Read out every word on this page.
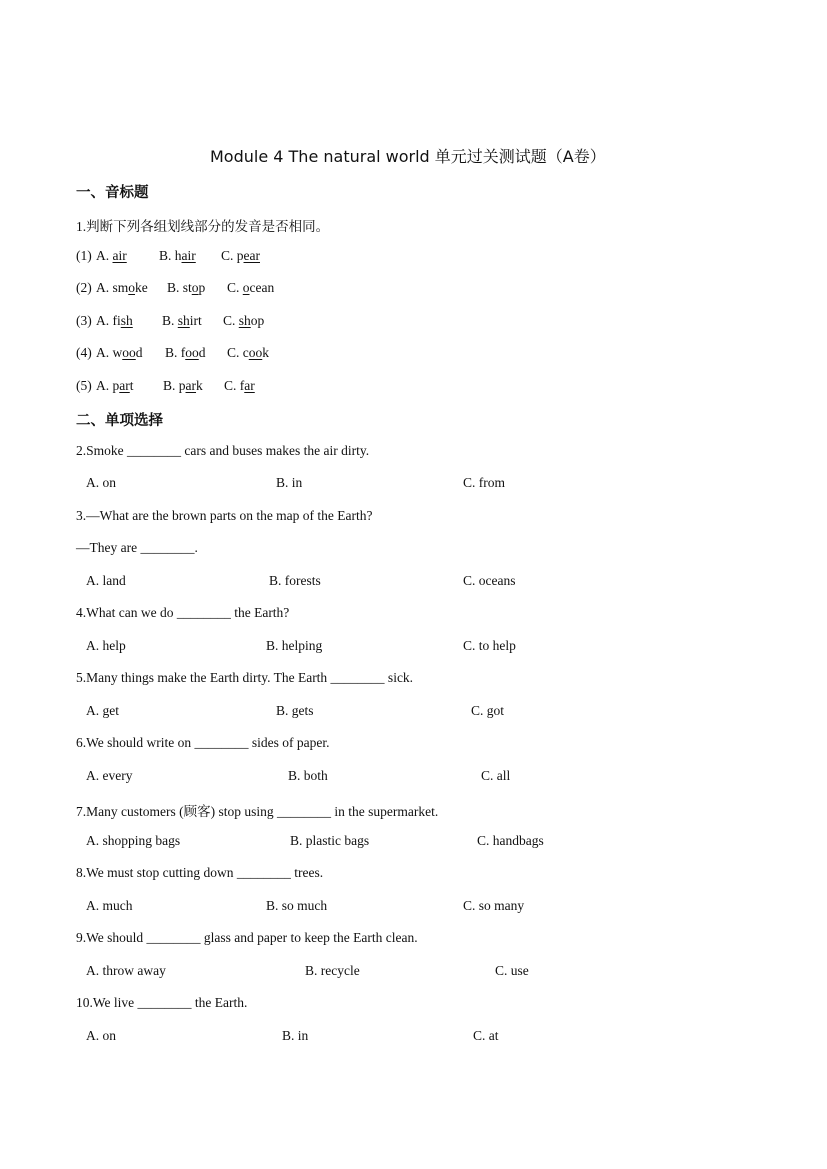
Module 4 The natural world 单元过关测试题（A卷）
一、音标题
1.判断下列各组划线部分的发音是否相同。
(1) A. air B. hair C. pear
(2) A. smoke B. stop C. ocean
(3) A. fish B. shirt C. shop
(4) A. wood B. food C. cook
(5) A. part B. park C. far
二、单项选择
2.Smoke ________ cars and buses makes the air dirty.
A. on	B. in	C. from
3.—What are the brown parts on the map of the Earth?
—They are ________.
A. land	B. forests	C. oceans
4.What can we do ________ the Earth?
A. help	B. helping	C. to help
5.Many things make the Earth dirty. The Earth ________ sick.
A. get	B. gets	C. got
6.We should write on ________ sides of paper.
A. every	B. both	C. all
7.Many customers (顾客) stop using ________ in the supermarket.
A. shopping bags	B. plastic bags	C. handbags
8.We must stop cutting down ________ trees.
A. much	B. so much	C. so many
9.We should ________ glass and paper to keep the Earth clean.
A. throw away	B. recycle	C. use
10.We live ________ the Earth.
A. on	B. in	C. at
